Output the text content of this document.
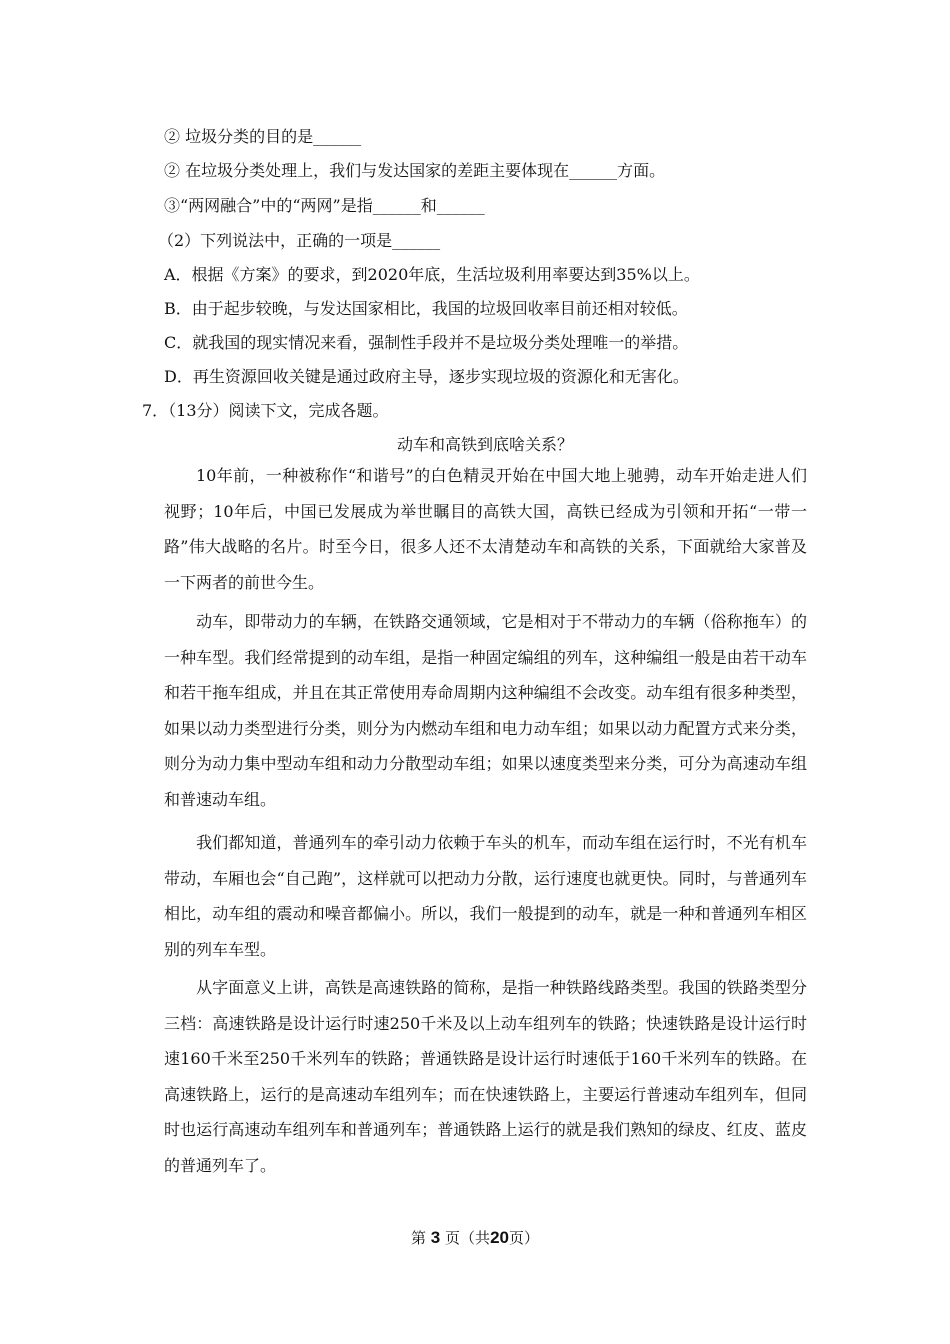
② 垃圾分类的目的是______
② 在垃圾分类处理上，我们与发达国家的差距主要体现在______方面。
③“两网融合”中的“两网”是指______和______
（2）下列说法中，正确的一项是______
A．根据《方案》的要求，到2020年底，生活垃圾利用率要达到35%以上。
B．由于起步较晚，与发达国家相比，我国的垃圾回收率目前还相对较低。
C．就我国的现实情况来看，强制性手段并不是垃圾分类处理唯一的举措。
D．再生资源回收关键是通过政府主导，逐步实现垃圾的资源化和无害化。
7．（13分）阅读下文，完成各题。
动车和高铁到底啥关系？

10年前，一种被称作“和谐号”的白色精灵开始在中国大地上驰骋，动车开始走进人们视野；10年后，中国已发展成为举世瞩目的高铁大国，高铁已经成为引领和开拓“一带一路”伟大战略的名片。时至今日，很多人还不太清楚动车和高铁的关系，下面就给大家普及一下两者的前世今生。

动车，即带动力的车辆，在铁路交通领域，它是相对于不带动力的车辆（俗称拖车）的一种车型。我们经常提到的动车组，是指一种固定编组的列车，这种编组一般是由若干动车和若干拖车组成，并且在其正常使用寿命周期内这种编组不会改变。动车组有很多种类型，如果以动力类型进行分类，则分为内燃动车组和电力动车组；如果以动力配置方式来分类，则分为动力集中型动车组和动力分散型动车组；如果以速度类型来分类，可分为高速动车组和普速动车组。

我们都知道，普通列车的牵引动力依赖于车头的机车，而动车组在运行时，不光有机车带动，车厢也会“自己跑”，这样就可以把动力分散，运行速度也就更快。同时，与普通列车相比，动车组的震动和噪音都偏小。所以，我们一般提到的动车，就是一种和普通列车相区别的列车车型。

从字面意义上讲，高铁是高速铁路的简称，是指一种铁路线路类型。我国的铁路类型分三档：高速铁路是设计运行时速250千米及以上动车组列车的铁路；快速铁路是设计运行时速160千米至250千米列车的铁路；普通铁路是设计运行时速低于160千米列车的铁路。在高速铁路上，运行的是高速动车组列车；而在快速铁路上，主要运行普速动车组列车，但同时也运行高速动车组列车和普通列车；普通铁路上运行的就是我们熟知的绿皮、红皮、蓝皮的普通列车了。

第 3 页（共20页）
